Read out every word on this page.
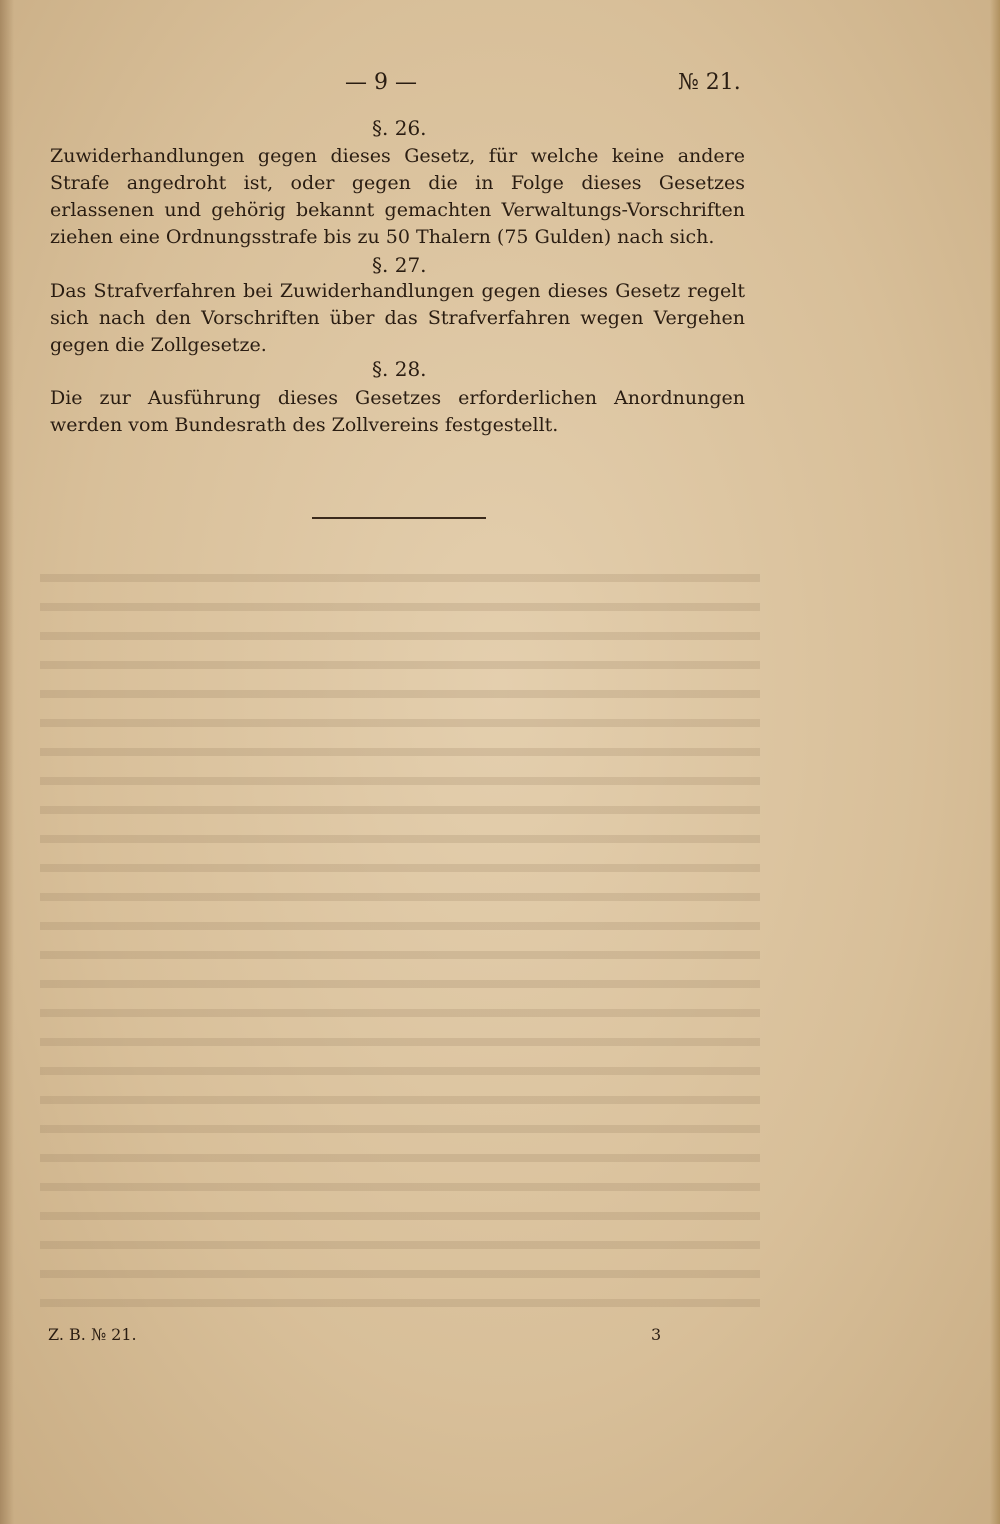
— 9 —	№ 21.
§. 26.
Zuwiderhandlungen gegen dieses Gesetz, für welche keine andere Strafe angedroht ist, oder gegen die in Folge dieses Gesetzes erlassenen und gehörig bekannt gemachten Verwaltungs-Vorschriften ziehen eine Ordnungsstrafe bis zu 50 Thalern (75 Gulden) nach sich.
§. 27.
Das Strafverfahren bei Zuwiderhandlungen gegen dieses Gesetz regelt sich nach den Vorschriften über das Strafverfahren wegen Vergehen gegen die Zollgesetze.
§. 28.
Die zur Ausführung dieses Gesetzes erforderlichen Anordnungen werden vom Bundesrath des Zollvereins festgestellt.
Z. B. № 21.	3
